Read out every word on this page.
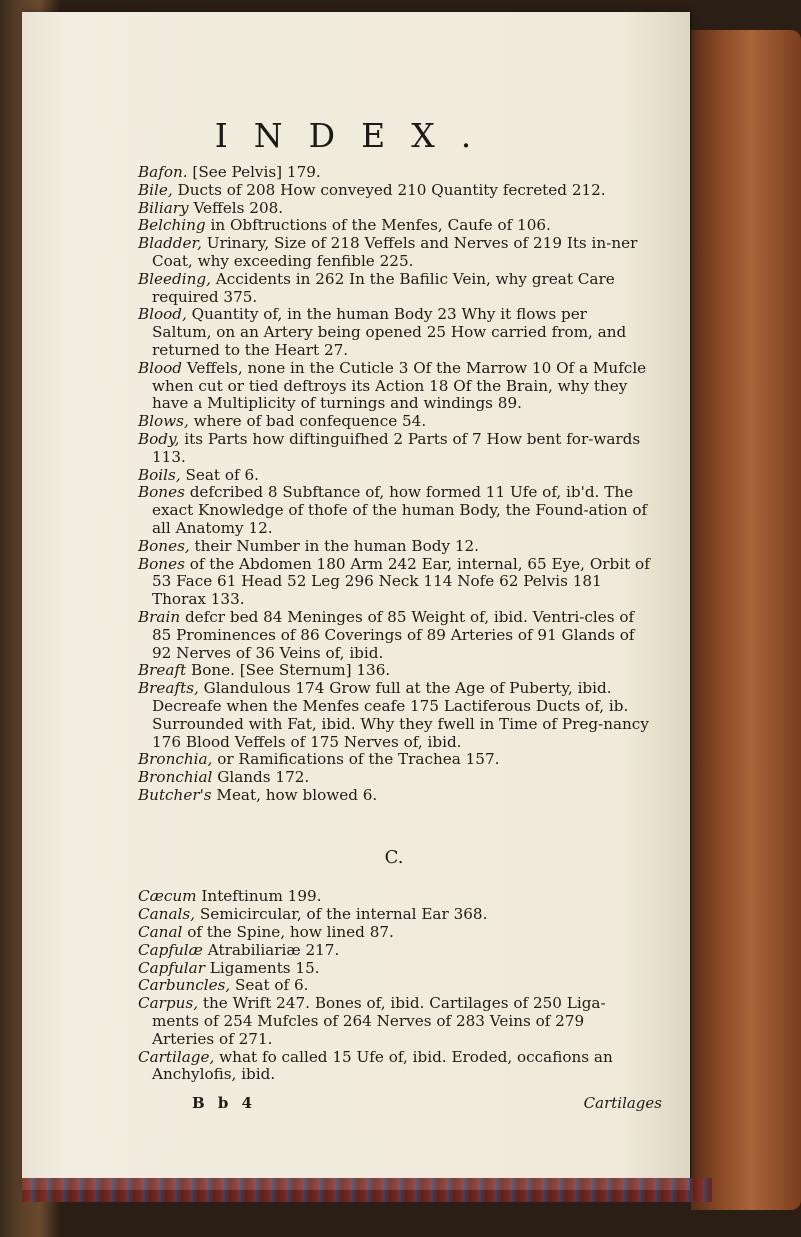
INDEX.

Bafon. [See Pelvis] 179.

Bile, Ducts of 208 How conveyed 210 Quantity fecreted 212.

Biliary Veffels 208.

Belching in Obftructions of the Menfes, Caufe of 106.

Bladder, Urinary, Size of 218 Veffels and Nerves of 219 Its in-ner Coat, why exceeding fenfible 225.

Bleeding, Accidents in 262 In the Bafilic Vein, why great Care required 375.

Blood, Quantity of, in the human Body 23 Why it flows per Saltum, on an Artery being opened 25 How carried from, and returned to the Heart 27.

Blood Veffels, none in the Cuticle 3 Of the Marrow 10 Of a Mufcle when cut or tied deftroys its Action 18 Of the Brain, why they have a Multiplicity of turnings and windings 89.

Blows, where of bad confequence 54.

Body, its Parts how diftinguifhed 2 Parts of 7 How bent for-wards 113.

Boils, Seat of 6.

Bones defcribed 8 Subftance of, how formed 11 Ufe of, ib'd. The exact Knowledge of thofe of the human Body, the Found-ation of all Anatomy 12.

Bones, their Number in the human Body 12.

Bones of the Abdomen 180 Arm 242 Ear, internal, 65 Eye, Orbit of 53 Face 61 Head 52 Leg 296 Neck 114 Nofe 62 Pelvis 181 Thorax 133.

Brain defcr bed 84 Meninges of 85 Weight of, ibid. Ventri-cles of 85 Prominences of 86 Coverings of 89 Arteries of 91 Glands of 92 Nerves of 36 Veins of, ibid.

Breaft Bone. [See Sternum] 136.

Breafts, Glandulous 174 Grow full at the Age of Puberty, ibid. Decreafe when the Menfes ceafe 175 Lactiferous Ducts of, ib. Surrounded with Fat, ibid. Why they fwell in Time of Preg-nancy 176 Blood Veffels of 175 Nerves of, ibid.

Bronchia, or Ramifications of the Trachea 157.

Bronchial Glands 172.

Butcher's Meat, how blowed 6.

C.

Cæcum Inteftinum 199.

Canals, Semicircular, of the internal Ear 368.

Canal of the Spine, how lined 87.

Capfulæ Atrabiliariæ 217.

Capfular Ligaments 15.

Carbuncles, Seat of 6.

Carpus, the Wrift 247. Bones of, ibid. Cartilages of 250 Liga-ments of 254 Mufcles of 264 Nerves of 283 Veins of 279 Arteries of 271.

Cartilage, what fo called 15 Ufe of, ibid. Eroded, occafions an Anchylofis, ibid.

B b 4	Cartilages
